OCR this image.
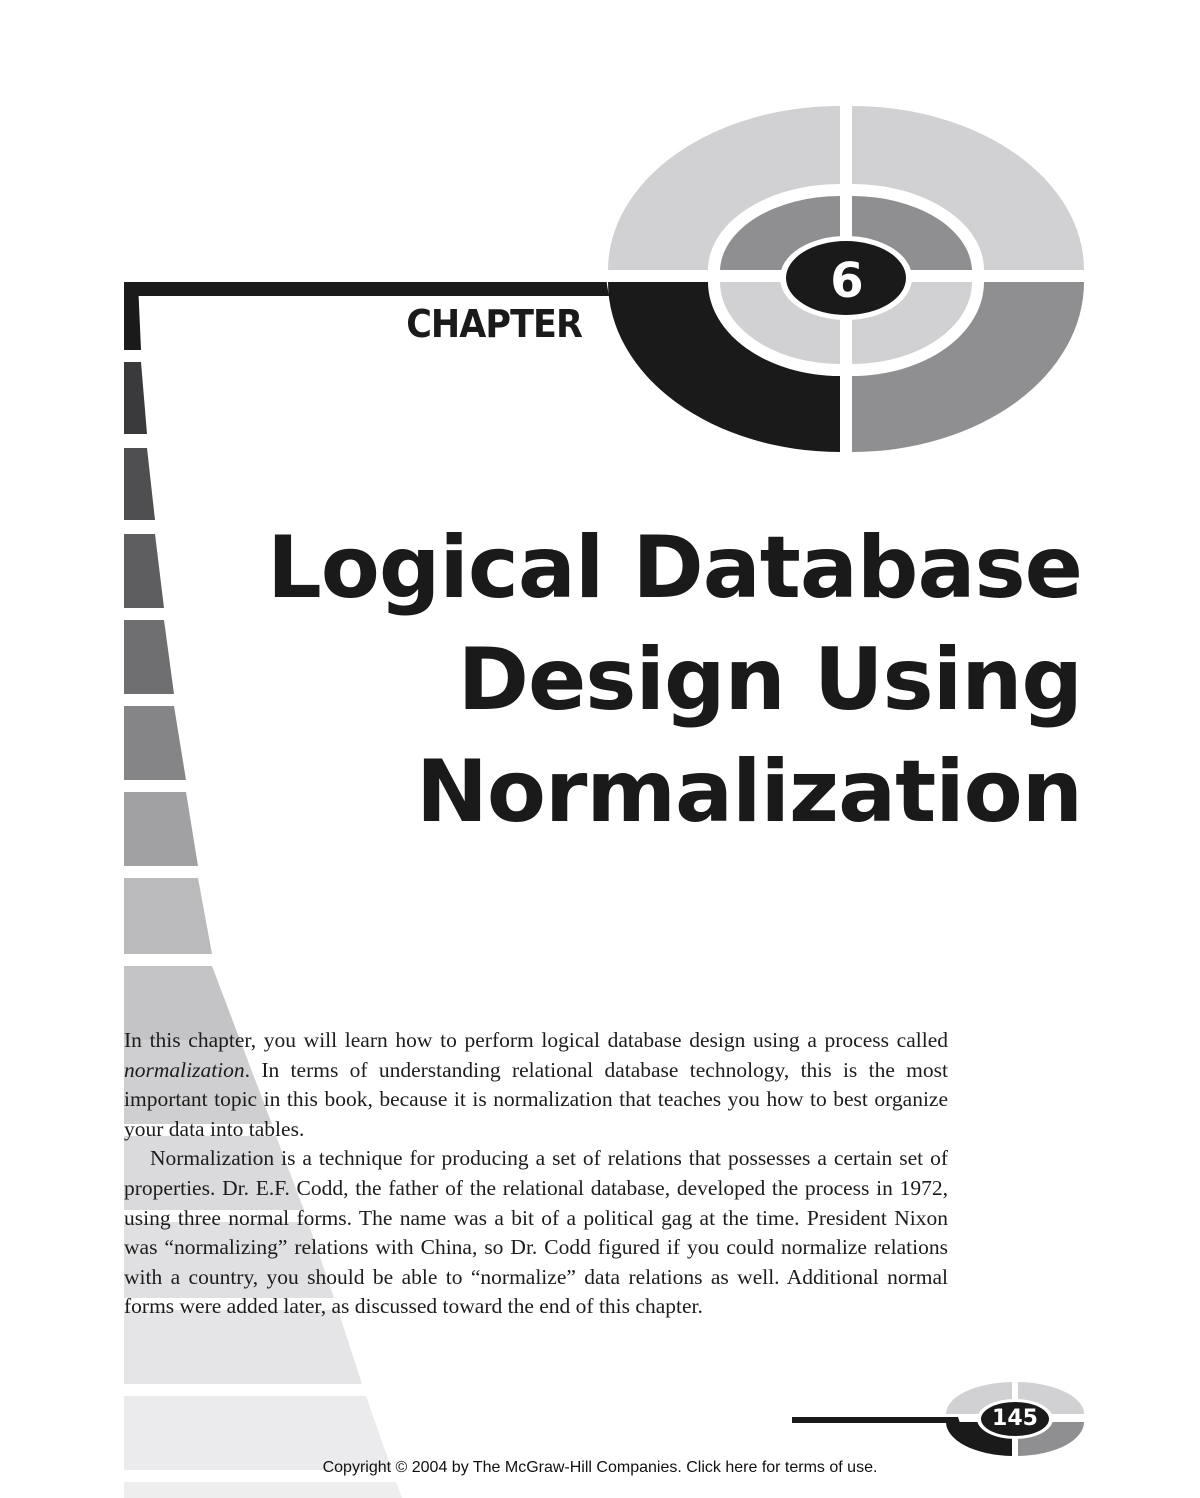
CHAPTER
6
Logical Database
Design Using
Normalization

In this chapter, you will learn how to perform logical database design using a process called normalization. In terms of understanding relational database technology, this is the most important topic in this book, because it is normalization that teaches you how to best organize your data into tables.

Normalization is a technique for producing a set of relations that possesses a certain set of properties. Dr. E.F. Codd, the father of the relational database, developed the process in 1972, using three normal forms. The name was a bit of a political gag at the time. President Nixon was “normalizing” relations with China, so Dr. Codd figured if you could normalize relations with a country, you should be able to “normalize” data relations as well. Additional normal forms were added later, as discussed toward the end of this chapter.

145
Copyright © 2004 by The McGraw-Hill Companies. Click here for terms of use.
